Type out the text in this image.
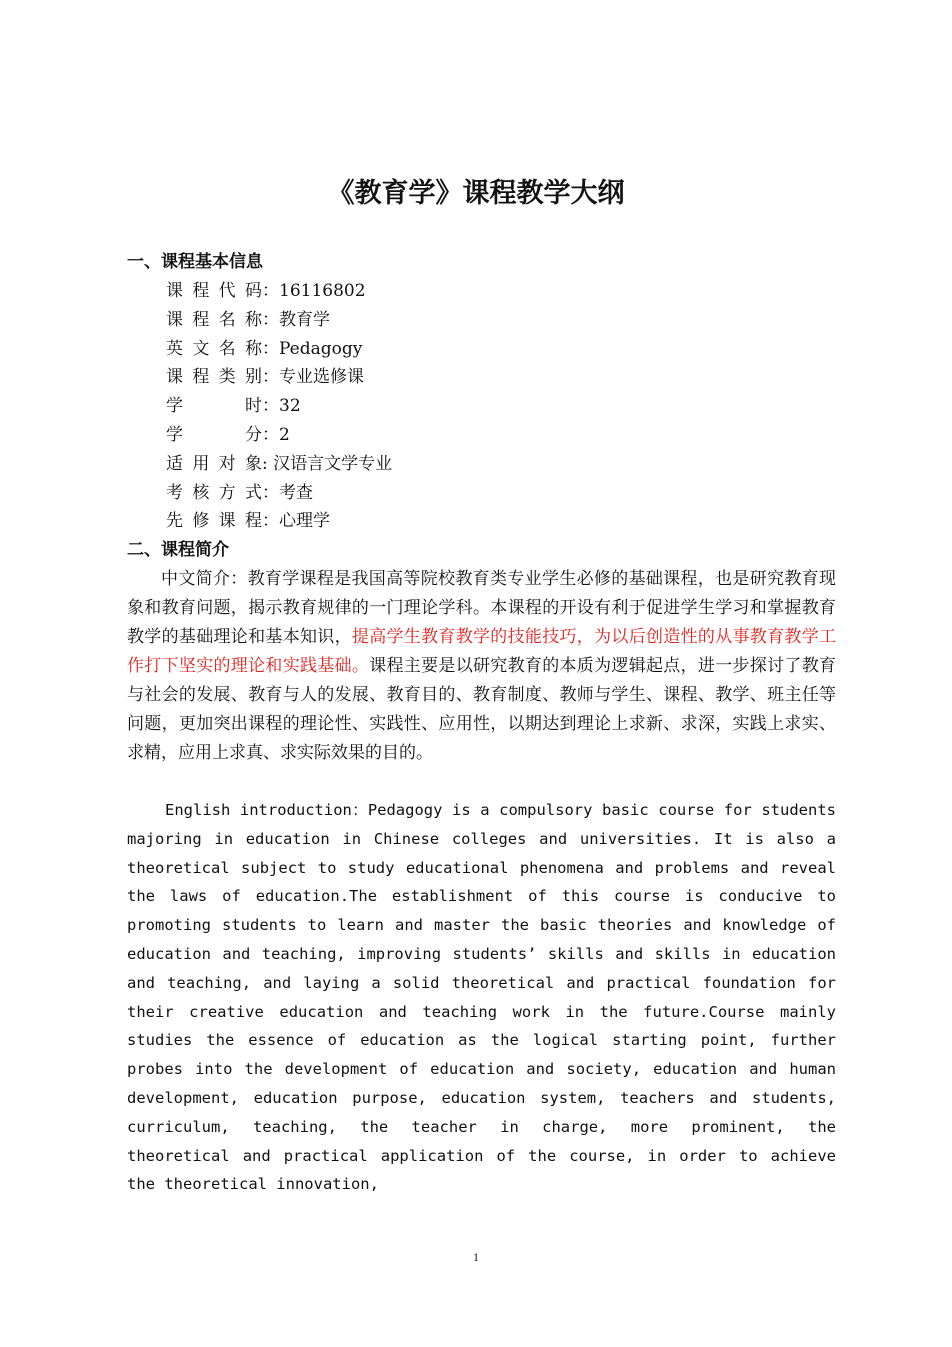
《教育学》课程教学大纲
一、课程基本信息
课程代码：16116802
课程名称：教育学
英文名称：Pedagogy
课程类别：专业选修课
学时：32
学分：2
适用对象: 汉语言文学专业
考核方式：考查
先修课程：心理学
二、课程简介

中文简介：教育学课程是我国高等院校教育类专业学生必修的基础课程，也是研究教育现象和教育问题，揭示教育规律的一门理论学科。本课程的开设有利于促进学生学习和掌握教育教学的基础理论和基本知识，提高学生教育教学的技能技巧，为以后创造性的从事教育教学工作打下坚实的理论和实践基础。课程主要是以研究教育的本质为逻辑起点，进一步探讨了教育与社会的发展、教育与人的发展、教育目的、教育制度、教师与学生、课程、教学、班主任等问题，更加突出课程的理论性、实践性、应用性，以期达到理论上求新、求深，实践上求实、求精，应用上求真、求实际效果的目的。

English introduction：Pedagogy is a compulsory basic course for students majoring in education in Chinese colleges and universities. It is also a theoretical subject to study educational phenomena and problems and reveal the laws of education.The establishment of this course is conducive to promoting students to learn and master the basic theories and knowledge of education and teaching, improving students’ skills and skills in education and teaching, and laying a solid theoretical and practical foundation for their creative education and teaching work in the future.Course mainly studies the essence of education as the logical starting point, further probes into the development of education and society, education and human development, education purpose, education system, teachers and students, curriculum, teaching, the teacher in charge, more prominent, the theoretical and practical application of the course, in order to achieve the theoretical innovation,

1
